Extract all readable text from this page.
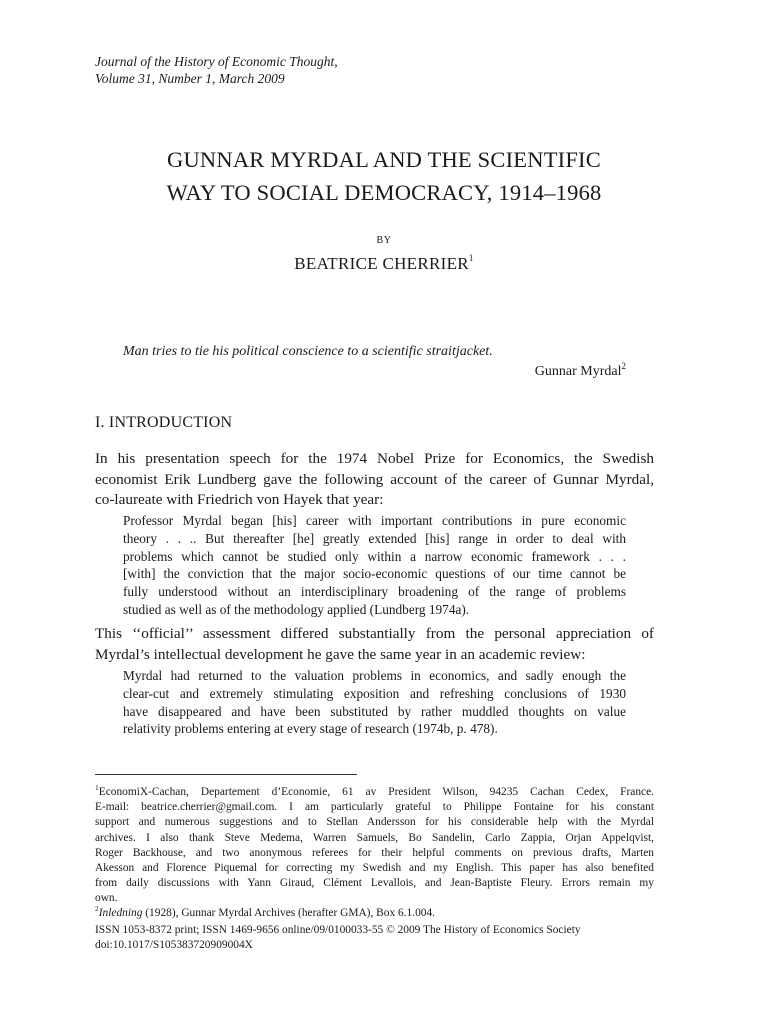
Journal of the History of Economic Thought,
Volume 31, Number 1, March 2009
GUNNAR MYRDAL AND THE SCIENTIFIC
WAY TO SOCIAL DEMOCRACY, 1914–1968
BY
BEATRICE CHERRIER$^1$
Man tries to tie his political conscience to a scientific straitjacket.
Gunnar Myrdal$^2$
I. INTRODUCTION
In his presentation speech for the 1974 Nobel Prize for Economics, the Swedish
economist Erik Lundberg gave the following account of the career of Gunnar Myrdal,
co-laureate with Friedrich von Hayek that year:
Professor Myrdal began [his] career with important contributions in pure economic
theory . . .. But thereafter [he] greatly extended [his] range in order to deal with
problems which cannot be studied only within a narrow economic framework . . .
[with] the conviction that the major socio-economic questions of our time cannot be
fully understood without an interdisciplinary broadening of the range of problems
studied as well as of the methodology applied (Lundberg 1974a).
This ‘‘official’’ assessment differed substantially from the personal appreciation of
Myrdal’s intellectual development he gave the same year in an academic review:
Myrdal had returned to the valuation problems in economics, and sadly enough the
clear-cut and extremely stimulating exposition and refreshing conclusions of 1930
have disappeared and have been substituted by rather muddled thoughts on value
relativity problems entering at every stage of research (1974b, p. 478).
$^1$EconomiX-Cachan, Departement d’Economie, 61 av President Wilson, 94235 Cachan Cedex, France.
E-mail: beatrice.cherrier@gmail.com. I am particularly grateful to Philippe Fontaine for his constant
support and numerous suggestions and to Stellan Andersson for his considerable help with the Myrdal
archives. I also thank Steve Medema, Warren Samuels, Bo Sandelin, Carlo Zappia, Orjan Appelqvist,
Roger Backhouse, and two anonymous referees for their helpful comments on previous drafts, Marten
Akesson and Florence Piquemal for correcting my Swedish and my English. This paper has also benefited
from daily discussions with Yann Giraud, Clément Levallois, and Jean-Baptiste Fleury. Errors remain my
own.
$^2$Inledning (1928), Gunnar Myrdal Archives (herafter GMA), Box 6.1.004.
ISSN 1053-8372 print; ISSN 1469-9656 online/09/0100033-55 © 2009 The History of Economics Society
doi:10.1017/S105383720909004X
